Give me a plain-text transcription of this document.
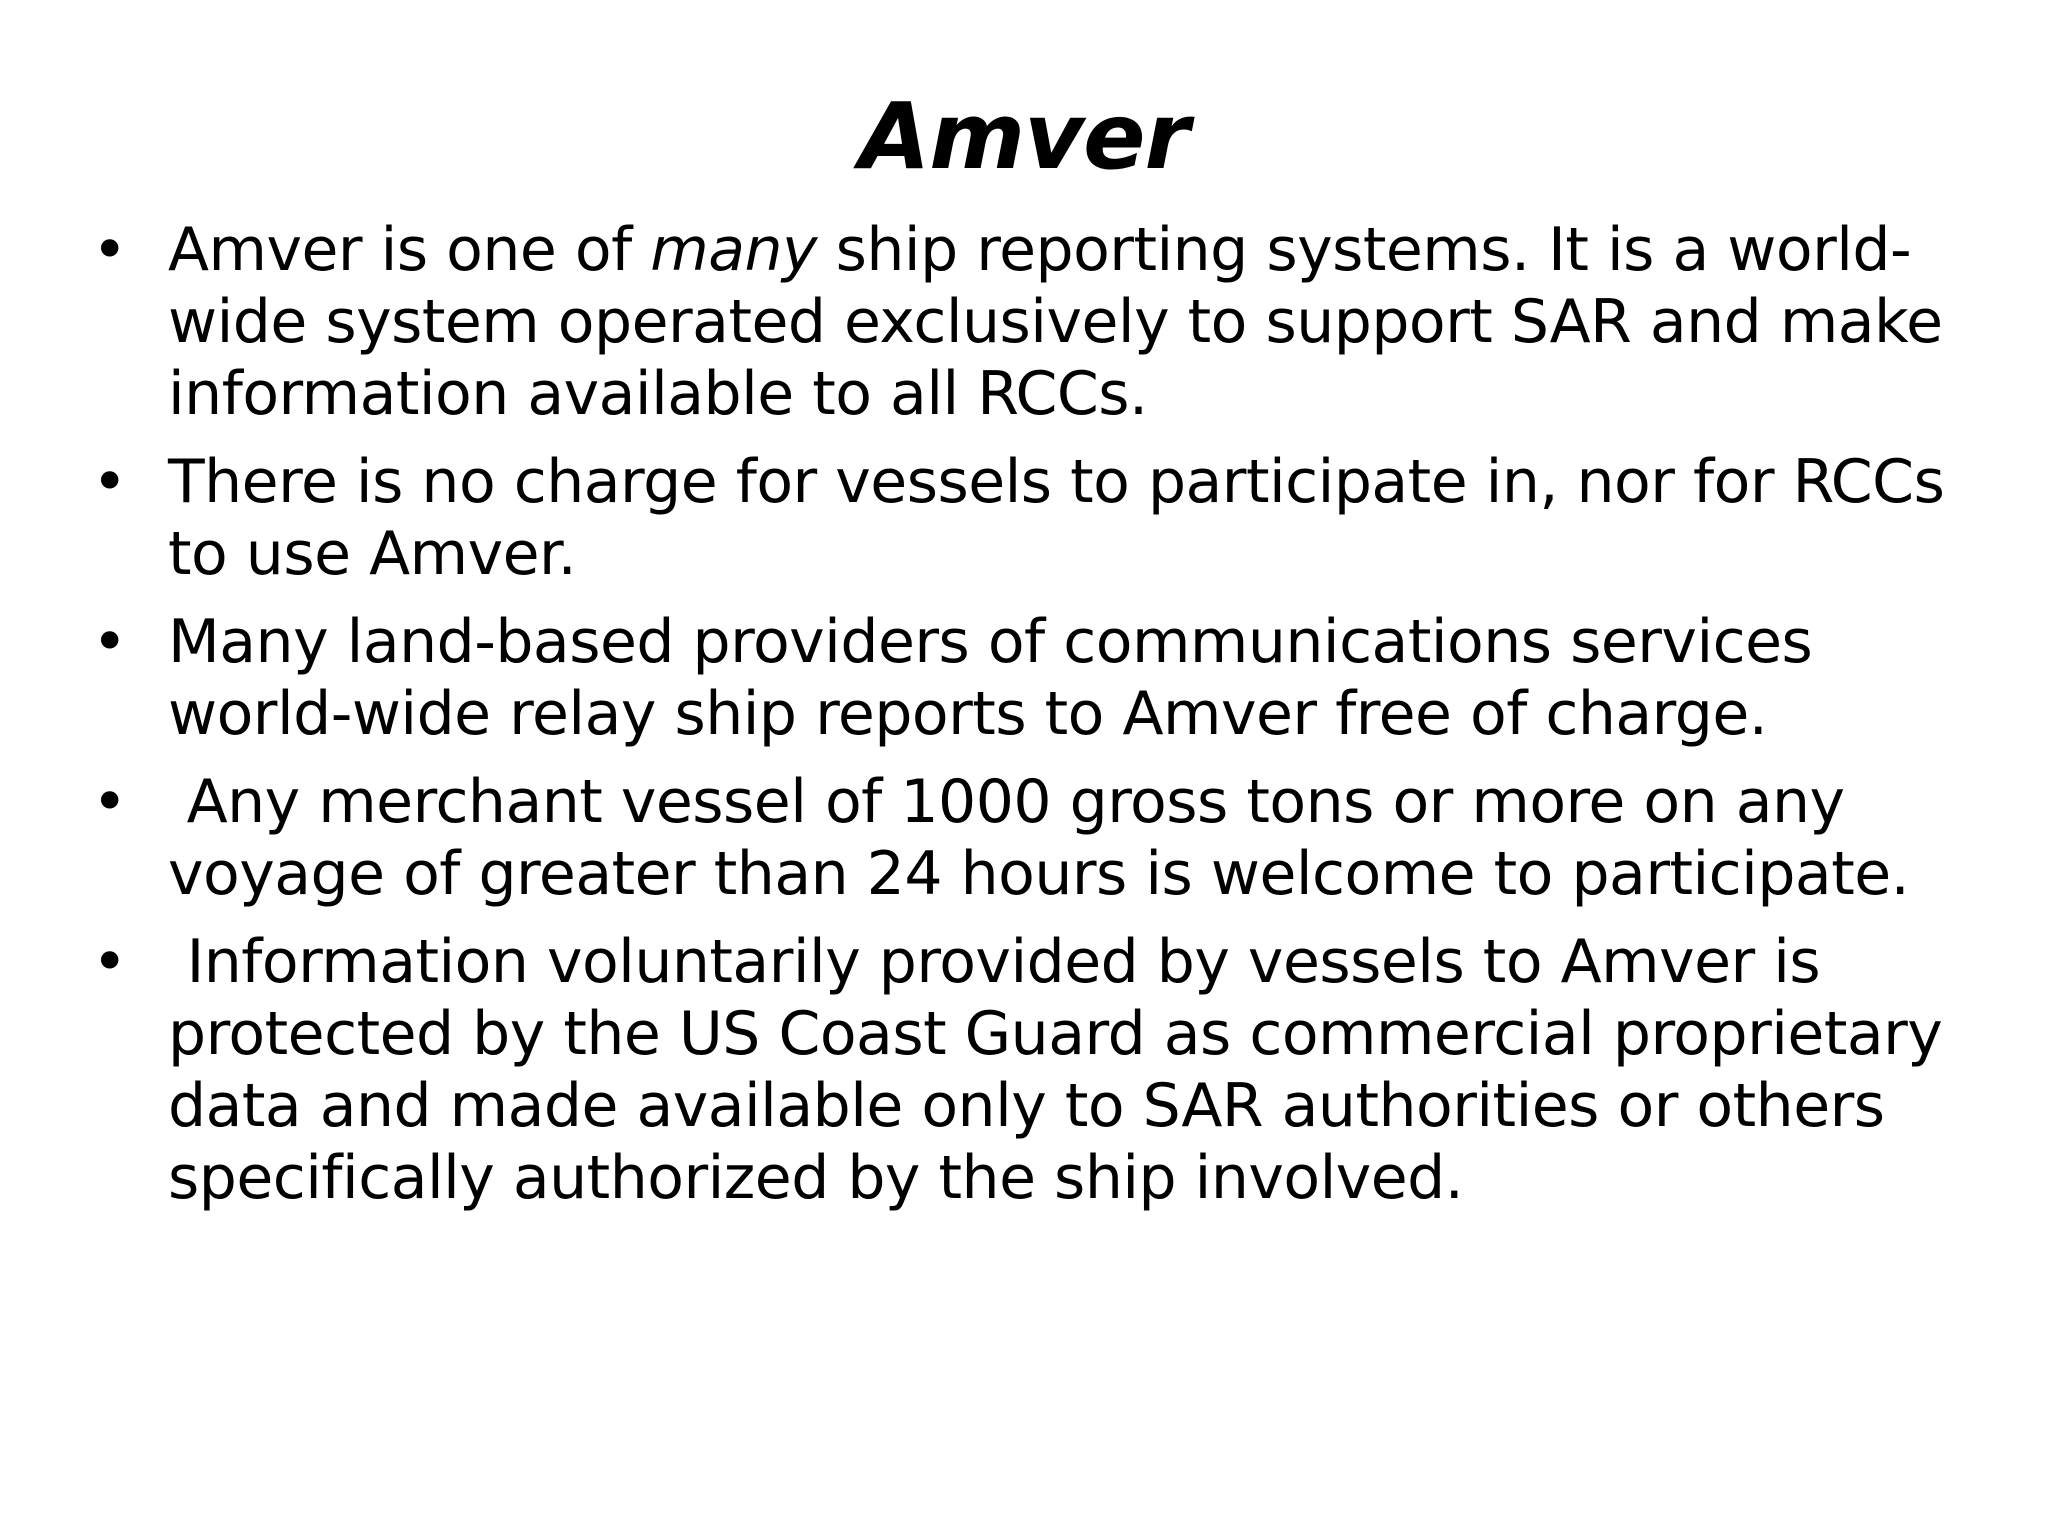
Amver
• Amver is one of many ship reporting systems. It is a world-wide system operated exclusively to support SAR and make information available to all RCCs.
• There is no charge for vessels to participate in, nor for RCCs to use Amver.
• Many land-based providers of communications services world-wide relay ship reports to Amver free of charge.
• Any merchant vessel of 1000 gross tons or more on any voyage of greater than 24 hours is welcome to participate.
• Information voluntarily provided by vessels to Amver is protected by the US Coast Guard as commercial proprietary data and made available only to SAR authorities or others specifically authorized by the ship involved.
